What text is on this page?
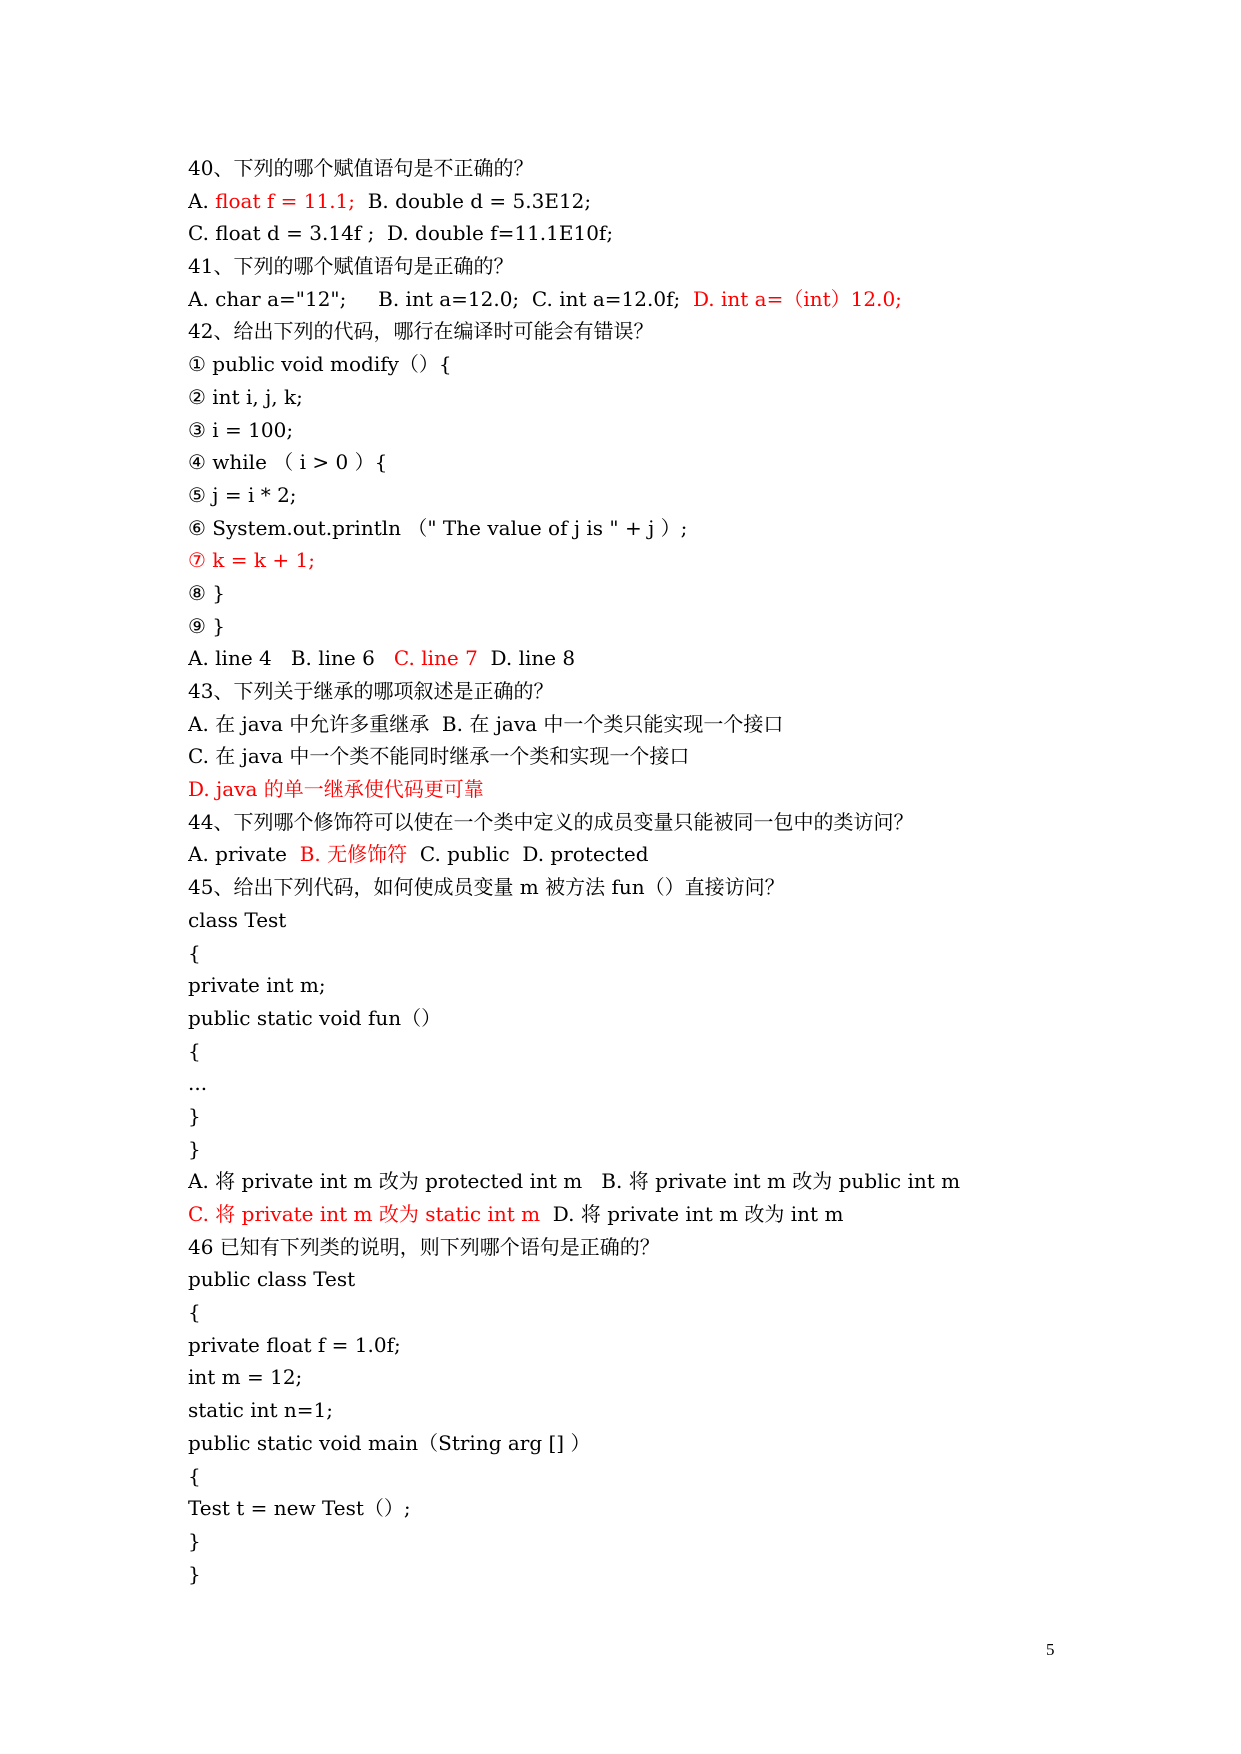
40、下列的哪个赋值语句是不正确的？
A. float f = 11.1;  B. double d = 5.3E12;
C. float d = 3.14f ;  D. double f=11.1E10f;
41、下列的哪个赋值语句是正确的？
A. char a="12";     B. int a=12.0;  C. int a=12.0f;  D. int a=（int）12.0;
42、给出下列的代码，哪行在编译时可能会有错误？
① public void modify（）{
② int i, j, k;
③ i = 100;
④ while （ i > 0 ）{
⑤ j = i * 2;
⑥ System.out.println （" The value of j is " + j ）;
⑦ k = k + 1;
⑧ }
⑨ }
A. line 4   B. line 6   C. line 7  D. line 8
43、下列关于继承的哪项叙述是正确的？
A. 在 java 中允许多重继承  B. 在 java 中一个类只能实现一个接口
C. 在 java 中一个类不能同时继承一个类和实现一个接口
D. java 的单一继承使代码更可靠
44、下列哪个修饰符可以使在一个类中定义的成员变量只能被同一包中的类访问？
A. private  B. 无修饰符  C. public  D. protected
45、给出下列代码，如何使成员变量 m 被方法 fun（）直接访问？
class Test
{
private int m;
public static void fun（）
{
...
}
}
A. 将 private int m 改为 protected int m   B. 将 private int m 改为 public int m
C. 将 private int m 改为 static int m  D. 将 private int m 改为 int m
46 已知有下列类的说明，则下列哪个语句是正确的？
public class Test
{
private float f = 1.0f;
int m = 12;
static int n=1;
public static void main（String arg [] ）
{
Test t = new Test（）;
}
}
5
